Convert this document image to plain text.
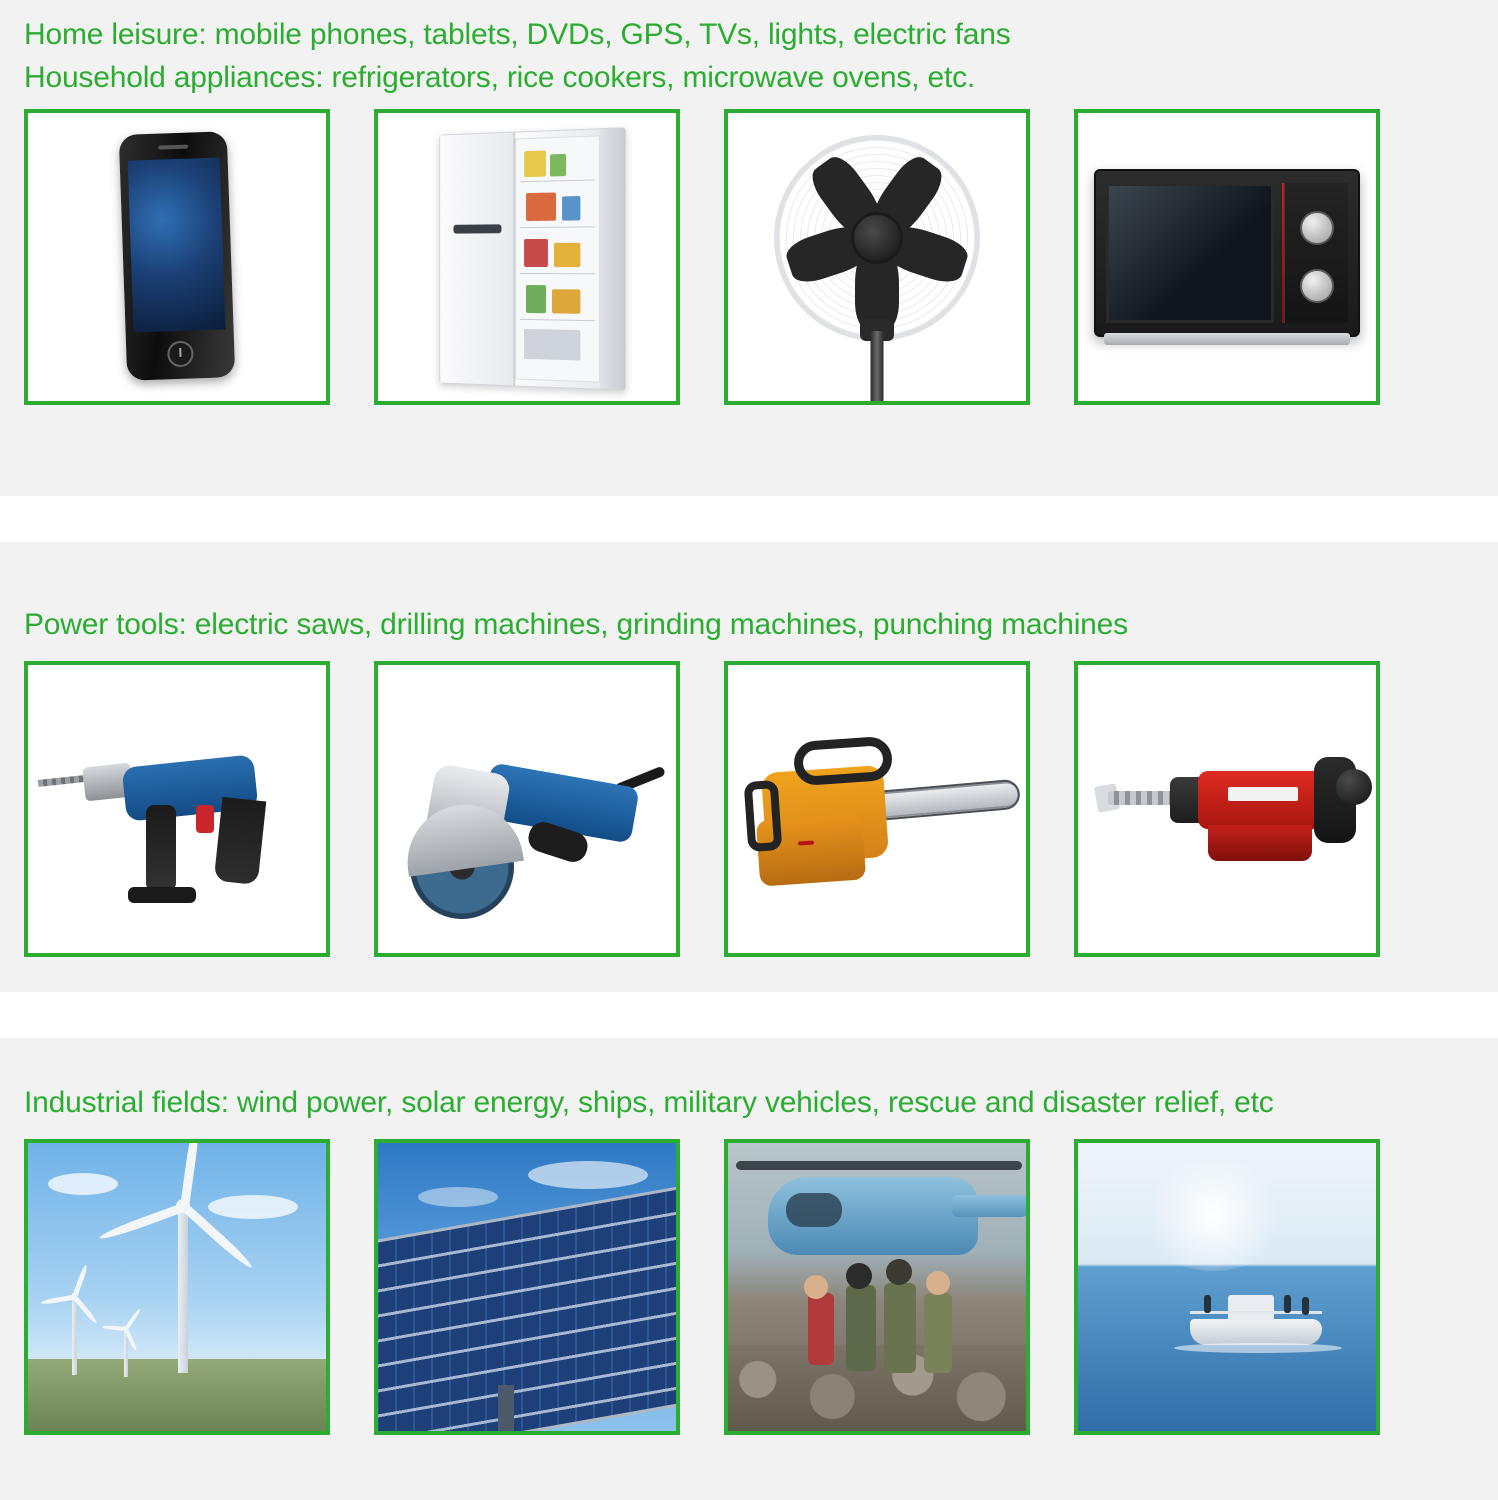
Home leisure: mobile phones, tablets, DVDs, GPS, TVs, lights, electric fans
Household appliances: refrigerators, rice cookers, microwave ovens, etc.
Power tools: electric saws, drilling machines, grinding machines, punching machines
Industrial fields: wind power, solar energy, ships, military vehicles, rescue and disaster relief, etc
